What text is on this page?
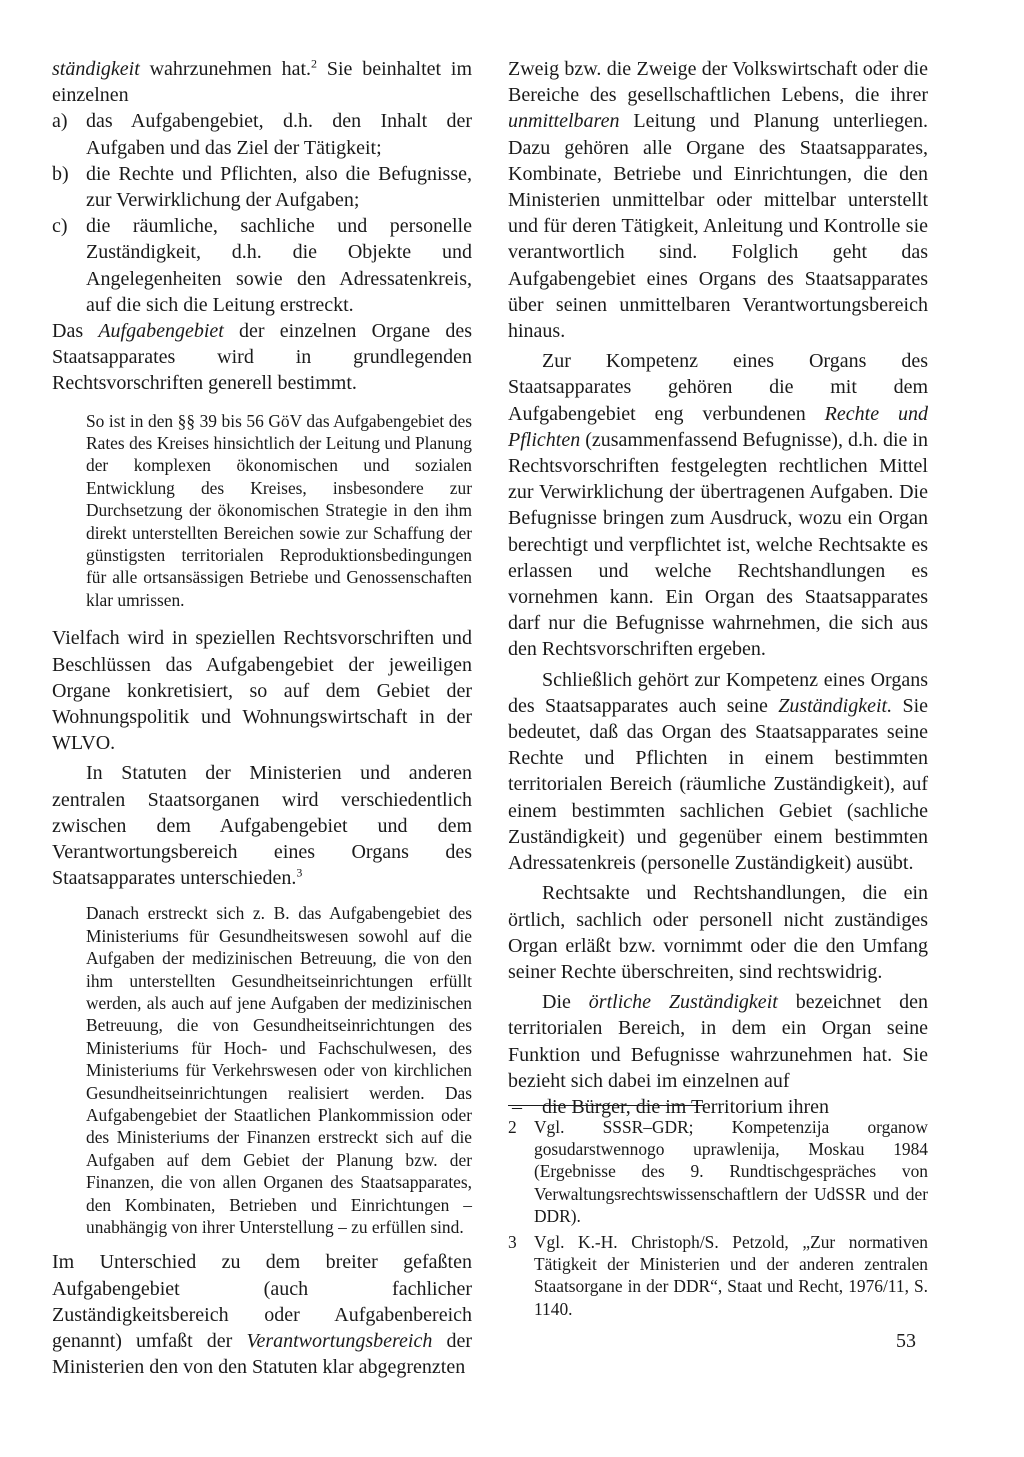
ständigkeit wahrzunehmen hat.$^2$ Sie beinhaltet im einzelnen

a) das Aufgabengebiet, d.h. den Inhalt der Aufgaben und das Ziel der Tätigkeit;
b) die Rechte und Pflichten, also die Befugnisse, zur Verwirklichung der Aufgaben;
c) die räumliche, sachliche und personelle Zuständigkeit, d.h. die Objekte und Angelegenheiten sowie den Adressatenkreis, auf die sich die Leitung erstreckt.

Das Aufgabengebiet der einzelnen Organe des Staatsapparates wird in grundlegenden Rechtsvorschriften generell bestimmt.

So ist in den §§ 39 bis 56 GöV das Aufgabengebiet des Rates des Kreises hinsichtlich der Leitung und Planung der komplexen ökonomischen und sozialen Entwicklung des Kreises, insbesondere zur Durchsetzung der ökonomischen Strategie in den ihm direkt unterstellten Bereichen sowie zur Schaffung der günstigsten territorialen Reproduktionsbedingungen für alle ortsansässigen Betriebe und Genossenschaften klar umrissen.

Vielfach wird in speziellen Rechtsvorschriften und Beschlüssen das Aufgabengebiet der jeweiligen Organe konkretisiert, so auf dem Gebiet der Wohnungspolitik und Wohnungswirtschaft in der WLVO.

In Statuten der Ministerien und anderen zentralen Staatsorganen wird verschiedentlich zwischen dem Aufgabengebiet und dem Verantwortungsbereich eines Organs des Staatsapparates unterschieden.$^3$

Danach erstreckt sich z. B. das Aufgabengebiet des Ministeriums für Gesundheitswesen sowohl auf die Aufgaben der medizinischen Betreuung, die von den ihm unterstellten Gesundheitseinrichtungen erfüllt werden, als auch auf jene Aufgaben der medizinischen Betreuung, die von Gesundheitseinrichtungen des Ministeriums für Hoch- und Fachschulwesen, des Ministeriums für Verkehrswesen oder von kirchlichen Gesundheitseinrichtungen realisiert werden. Das Aufgabengebiet der Staatlichen Plankommission oder des Ministeriums der Finanzen erstreckt sich auf die Aufgaben auf dem Gebiet der Planung bzw. der Finanzen, die von allen Organen des Staatsapparates, den Kombinaten, Betrieben und Einrichtungen – unabhängig von ihrer Unterstellung – zu erfüllen sind.

Im Unterschied zu dem breiter gefaßten Aufgabengebiet (auch fachlicher Zuständigkeitsbereich oder Aufgabenbereich genannt) umfaßt der Verantwortungsbereich der Ministerien den von den Statuten klar abgegrenzten

Zweig bzw. die Zweige der Volkswirtschaft oder die Bereiche des gesellschaftlichen Lebens, die ihrer unmittelbaren Leitung und Planung unterliegen. Dazu gehören alle Organe des Staatsapparates, Kombinate, Betriebe und Einrichtungen, die den Ministerien unmittelbar oder mittelbar unterstellt und für deren Tätigkeit, Anleitung und Kontrolle sie verantwortlich sind. Folglich geht das Aufgabengebiet eines Organs des Staatsapparates über seinen unmittelbaren Verantwortungsbereich hinaus.

Zur Kompetenz eines Organs des Staatsapparates gehören die mit dem Aufgabengebiet eng verbundenen Rechte und Pflichten (zusammenfassend Befugnisse), d.h. die in Rechtsvorschriften festgelegten rechtlichen Mittel zur Verwirklichung der übertragenen Aufgaben. Die Befugnisse bringen zum Ausdruck, wozu ein Organ berechtigt und verpflichtet ist, welche Rechtsakte es erlassen und welche Rechtshandlungen es vornehmen kann. Ein Organ des Staatsapparates darf nur die Befugnisse wahrnehmen, die sich aus den Rechtsvorschriften ergeben.

Schließlich gehört zur Kompetenz eines Organs des Staatsapparates auch seine Zuständigkeit. Sie bedeutet, daß das Organ des Staatsapparates seine Rechte und Pflichten in einem bestimmten territorialen Bereich (räumliche Zuständigkeit), auf einem bestimmten sachlichen Gebiet (sachliche Zuständigkeit) und gegenüber einem bestimmten Adressatenkreis (personelle Zuständigkeit) ausübt.

Rechtsakte und Rechtshandlungen, die ein örtlich, sachlich oder personell nicht zuständiges Organ erläßt bzw. vornimmt oder die den Umfang seiner Rechte überschreiten, sind rechtswidrig.

Die örtliche Zuständigkeit bezeichnet den territorialen Bereich, in dem ein Organ seine Funktion und Befugnisse wahrzunehmen hat. Sie bezieht sich dabei im einzelnen auf

– die Bürger, die im Territorium ihren
2 Vgl. SSSR–GDR; Kompetenzija organow gosudarstwennogo uprawlenija, Moskau 1984 (Ergebnisse des 9. Rundtischgespräches von Verwaltungsrechtswissenschaftlern der UdSSR und der DDR).
3 Vgl. K.-H. Christoph/S. Petzold, „Zur normativen Tätigkeit der Ministerien und der anderen zentralen Staatsorgane in der DDR“, Staat und Recht, 1976/11, S. 1140.
53
